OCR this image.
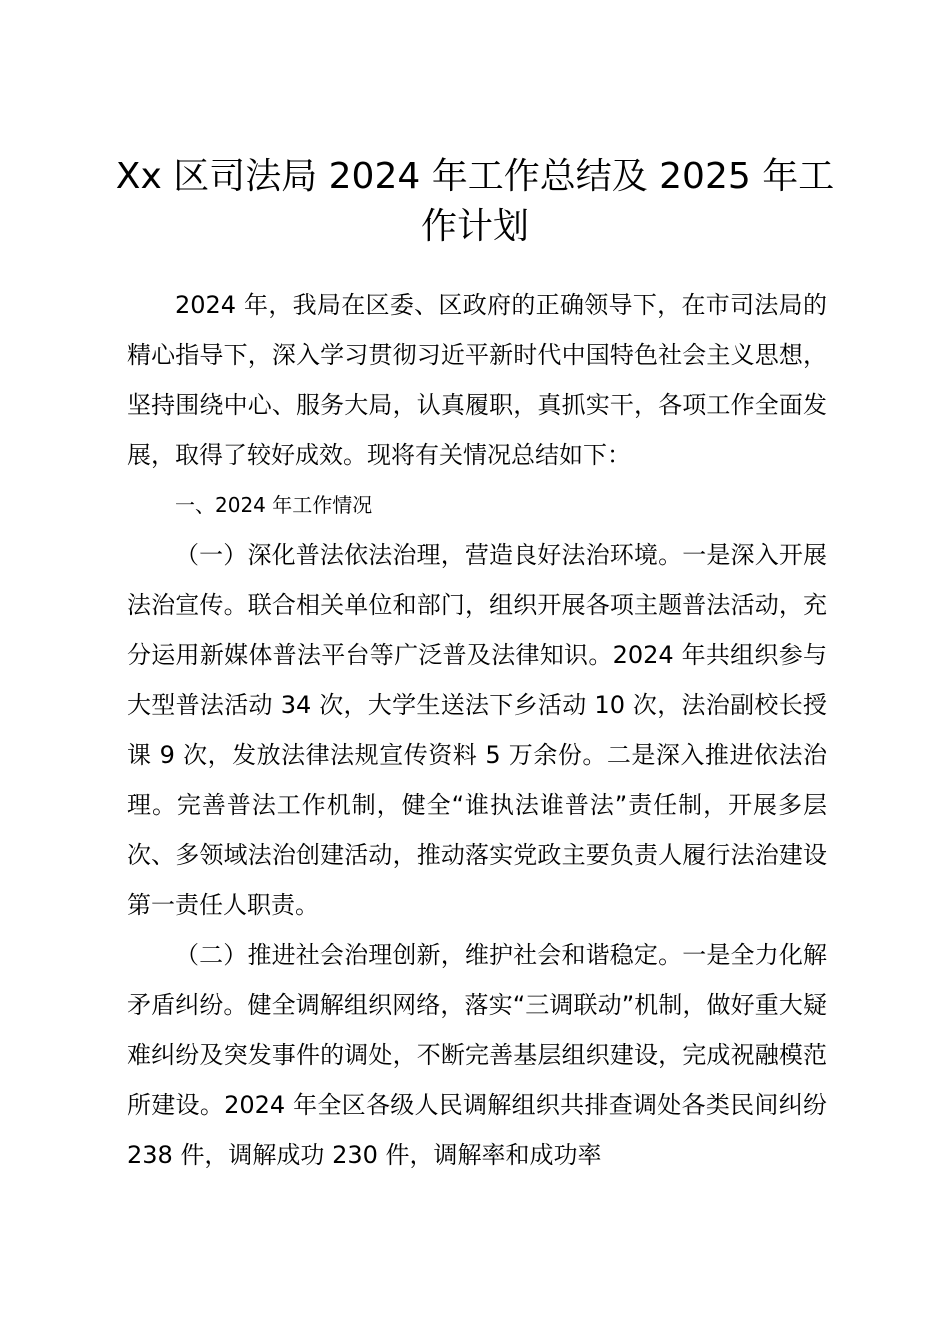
Xx 区司法局 2024 年工作总结及 2025 年工作计划

2024 年，我局在区委、区政府的正确领导下，在市司法局的精心指导下，深入学习贯彻习近平新时代中国特色社会主义思想，坚持围绕中心、服务大局，认真履职，真抓实干，各项工作全面发展，取得了较好成效。现将有关情况总结如下：

一、2024 年工作情况

（一）深化普法依法治理，营造良好法治环境。一是深入开展法治宣传。联合相关单位和部门，组织开展各项主题普法活动，充分运用新媒体普法平台等广泛普及法律知识。2024 年共组织参与大型普法活动 34 次，大学生送法下乡活动 10 次，法治副校长授课 9 次，发放法律法规宣传资料 5 万余份。二是深入推进依法治理。完善普法工作机制，健全“谁执法谁普法”责任制，开展多层次、多领域法治创建活动，推动落实党政主要负责人履行法治建设第一责任人职责。

（二）推进社会治理创新，维护社会和谐稳定。一是全力化解矛盾纠纷。健全调解组织网络，落实“三调联动”机制，做好重大疑难纠纷及突发事件的调处，不断完善基层组织建设，完成祝融模范所建设。2024 年全区各级人民调解组织共排查调处各类民间纠纷 238 件，调解成功 230 件，调解率和成功率
